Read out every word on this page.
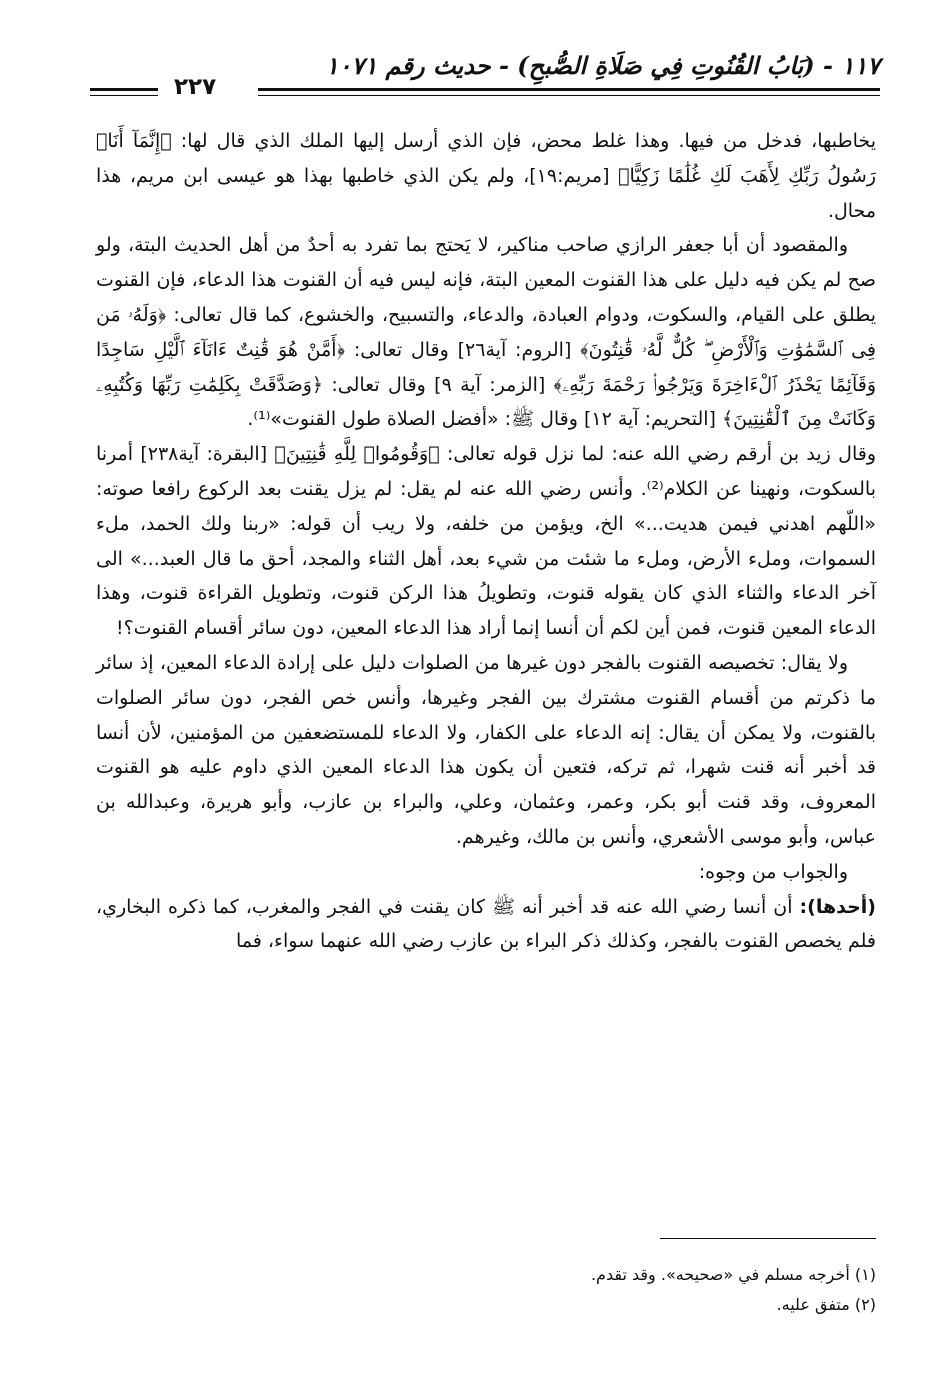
١١٧ - (بَابُ القُنُوتِ فِي صَلَاةِ الصُّبحِ) - حديث رقم ١٠٧١
٢٢٧

يخاطبها، فدخل من فيها. وهذا غلط محض، فإن الذي أرسل إليها الملك الذي قال لها: ﴿إِنَّمَآ أَنَا۠ رَسُولُ رَبِّكِ لِأَهَبَ لَكِ غُلَٰمًا زَكِيًّا﴾ [مريم:١٩]، ولم يكن الذي خاطبها بهذا هو عيسى ابن مريم، هذا محال.

والمقصود أن أبا جعفر الرازي صاحب مناكير، لا يَحتج بما تفرد به أحدٌ من أهل الحديث البتة، ولو صح لم يكن فيه دليل على هذا القنوت المعين البتة، فإنه ليس فيه أن القنوت هذا الدعاء، فإن القنوت يطلق على القيام، والسكوت، ودوام العبادة، والدعاء، والتسبيح، والخشوع، كما قال تعالى: ﴿وَلَهُۥ مَن فِى ٱلسَّمَٰوَٰتِ وَٱلْأَرْضِ ۖ كُلٌّ لَّهُۥ قَٰنِتُونَ﴾ [الروم: آية٢٦] وقال تعالى: ﴿أَمَّنْ هُوَ قَٰنِتٌ ءَانَآءَ ٱلَّيْلِ سَاجِدًا وَقَآئِمًا يَحْذَرُ ٱلْءَاخِرَةَ وَيَرْجُوا۟ رَحْمَةَ رَبِّهِۦ﴾ [الزمر: آية ٩] وقال تعالى: ﴿وَصَدَّقَتْ بِكَلِمَٰتِ رَبِّهَا وَكُتُبِهِۦ وَكَانَتْ مِنَ ٱلْقَٰنِتِينَ﴾ [التحريم: آية ١٢] وقال ﷺ: «أفضل الصلاة طول القنوت»⁽¹⁾.

وقال زيد بن أرقم رضي الله عنه: لما نزل قوله تعالى: ﴿وَقُومُوا۟ لِلَّهِ قَٰنِتِينَ﴾ [البقرة: آية٢٣٨] أمرنا بالسكوت، ونهينا عن الكلام⁽²⁾. وأنس رضي الله عنه لم يقل: لم يزل يقنت بعد الركوع رافعا صوته: «اللّهم اهدني فيمن هديت...» الخ، ويؤمن من خلفه، ولا ريب أن قوله: «ربنا ولك الحمد، ملء السموات، وملء الأرض، وملء ما شئت من شيء بعد، أهل الثناء والمجد، أحق ما قال العبد...» الى آخر الدعاء والثناء الذي كان يقوله قنوت، وتطويلُ هذا الركن قنوت، وتطويل القراءة قنوت، وهذا الدعاء المعين قنوت، فمن أين لكم أن أنسا إنما أراد هذا الدعاء المعين، دون سائر أقسام القنوت؟!

ولا يقال: تخصيصه القنوت بالفجر دون غيرها من الصلوات دليل على إرادة الدعاء المعين، إذ سائر ما ذكرتم من أقسام القنوت مشترك بين الفجر وغيرها، وأنس خص الفجر، دون سائر الصلوات بالقنوت، ولا يمكن أن يقال: إنه الدعاء على الكفار، ولا الدعاء للمستضعفين من المؤمنين، لأن أنسا قد أخبر أنه قنت شهرا، ثم تركه، فتعين أن يكون هذا الدعاء المعين الذي داوم عليه هو القنوت المعروف، وقد قنت أبو بكر، وعمر، وعثمان، وعلي، والبراء بن عازب، وأبو هريرة، وعبدالله بن عباس، وأبو موسى الأشعري، وأنس بن مالك، وغيرهم.

والجواب من وجوه:

(أحدها): أن أنسا رضي الله عنه قد أخبر أنه ﷺ كان يقنت في الفجر والمغرب، كما ذكره البخاري، فلم يخصص القنوت بالفجر، وكذلك ذكر البراء بن عازب رضي الله عنهما سواء، فما

(١) أخرجه مسلم في «صحيحه». وقد تقدم.

(٢) متفق عليه.
